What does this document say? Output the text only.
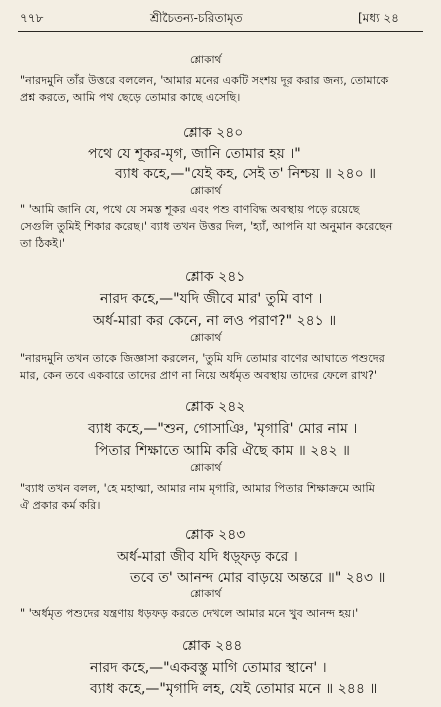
৭৭৮	শ্রীচৈতন্য-চরিতামৃত	[মধ্য ২৪
শ্লোকার্থ
"নারদমুনি তাঁর উত্তরে বললেন, 'আমার মনের একটি সংশয় দূর করার জন্য, তোমাকে
প্রশ্ন করতে, আমি পথ ছেড়ে তোমার কাছে এসেছি।
শ্লোক ২৪০
পথে যে শূকর-মৃগ, জানি তোমার হয় ।"
ব্যাধ কহে,—"যেই কহ, সেই ত' নিশ্চয় ॥ ২৪০ ॥
শ্লোকার্থ
" 'আমি জানি যে, পথে যে সমস্ত শূকর এবং পশু বাণবিদ্ধ অবস্থায় পড়ে রয়েছে
সেগুলি তুমিই শিকার করেছ।' ব্যাধ তখন উত্তর দিল, 'হ্যাঁ, আপনি যা অনুমান করেছেন
তা ঠিকই।'
শ্লোক ২৪১
নারদ কহে,—"যদি জীবে মার' তুমি বাণ ।
অর্ধ-মারা কর কেনে, না লও পরাণ?" ২৪১ ॥
শ্লোকার্থ
"নারদমুনি তখন তাকে জিজ্ঞাসা করলেন, 'তুমি যদি তোমার বাণের আঘাতে পশুদের
মার, কেন তবে একবারে তাদের প্রাণ না নিয়ে অর্ধমৃত অবস্থায় তাদের ফেলে রাখ?'
শ্লোক ২৪২
ব্যাধ কহে,—"শুন, গোসাঞি, 'মৃগারি' মোর নাম ।
পিতার শিক্ষাতে আমি করি ঐছে কাম ॥ ২৪২ ॥
শ্লোকার্থ
"ব্যাধ তখন বলল, 'হে মহাত্মা, আমার নাম মৃগারি, আমার পিতার শিক্ষাক্রমে আমি
ঐ প্রকার কর্ম করি।
শ্লোক ২৪৩
অর্ধ-মারা জীব যদি ধড়্ফড় করে ।
তবে ত' আনন্দ মোর বাড়য়ে অন্তরে ॥" ২৪৩ ॥
শ্লোকার্থ
" 'অর্ধমৃত পশুদের যন্ত্রণায় ধড়ফড় করতে দেখলে আমার মনে খুব আনন্দ হয়।'
শ্লোক ২৪৪
নারদ কহে,—"একবস্তু মাগি তোমার স্থানে' ।
ব্যাধ কহে,—"মৃগাদি লহ, যেই তোমার মনে ॥ ২৪৪ ॥
